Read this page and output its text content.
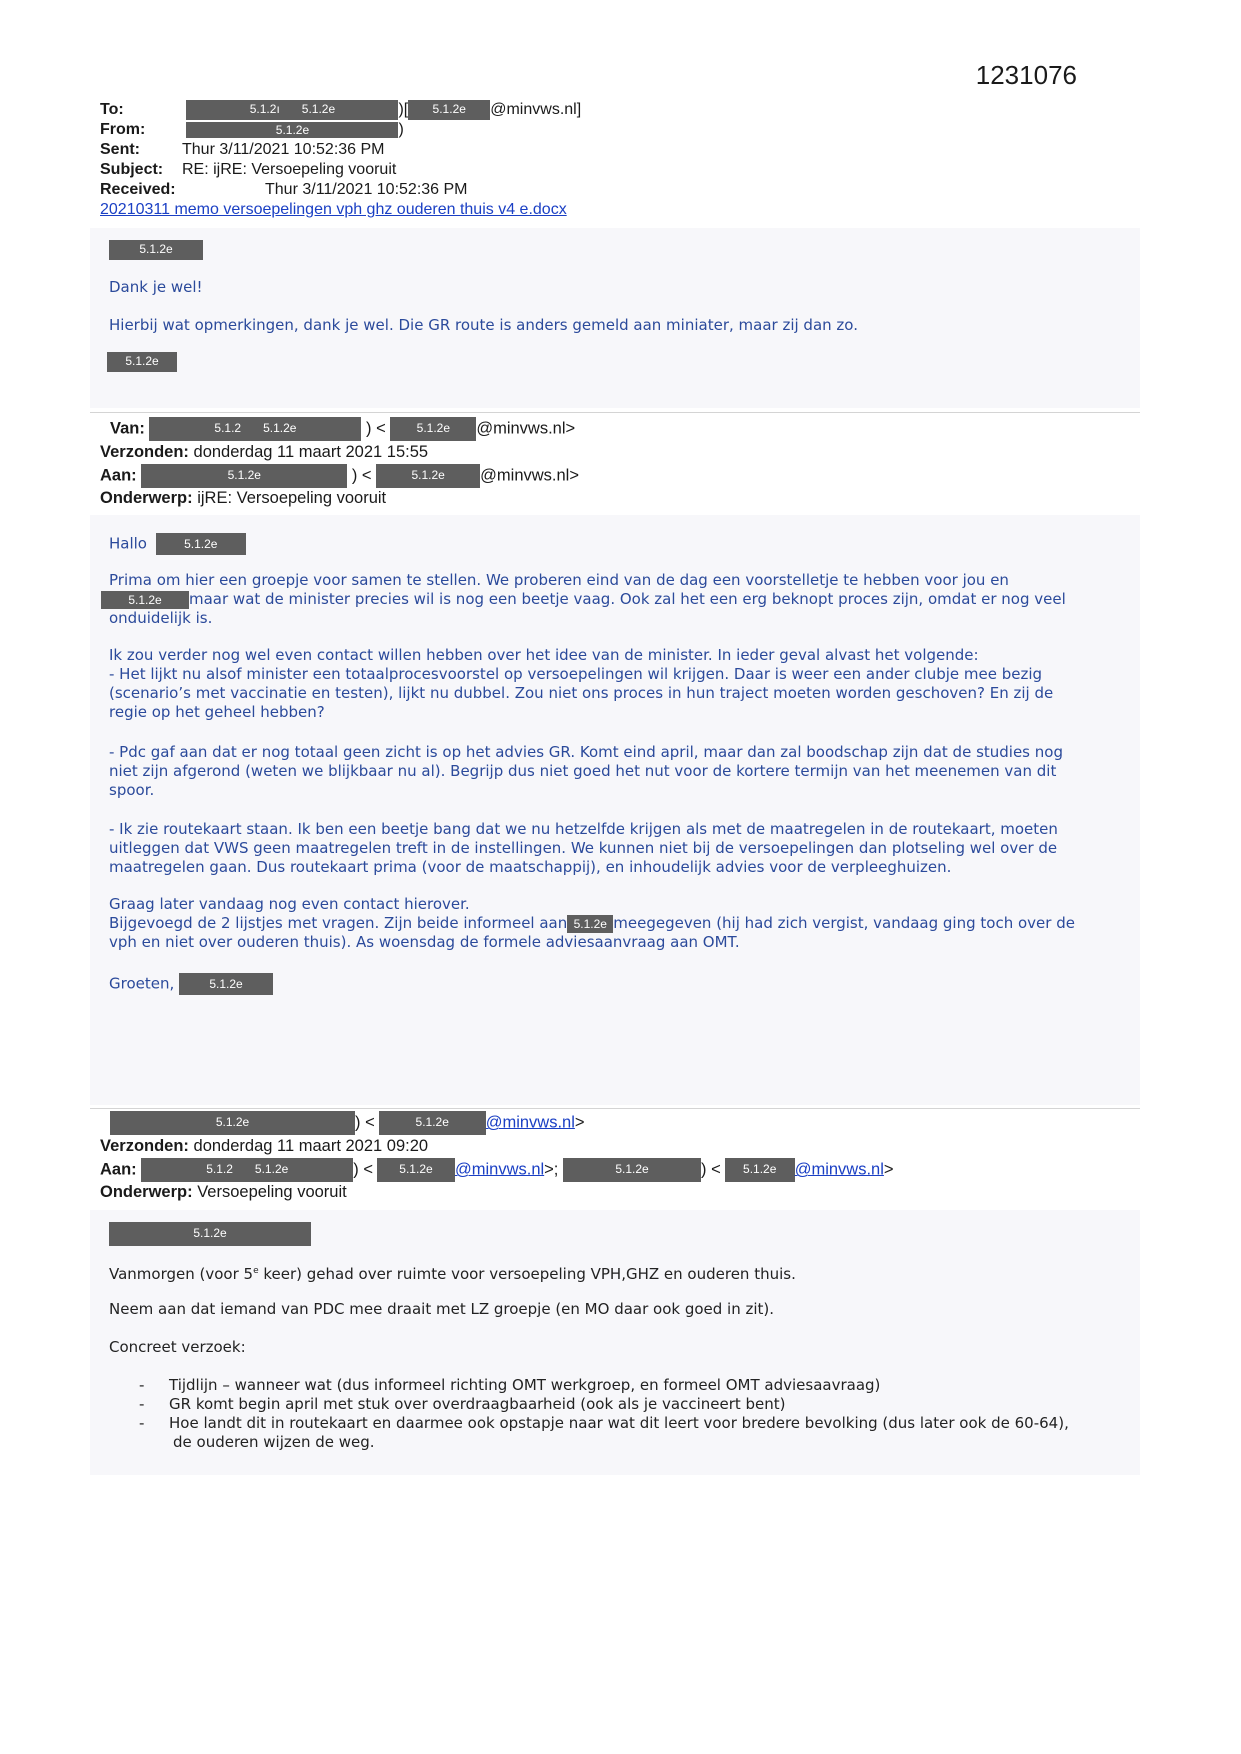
1231076
To:	5.1.2ı 5.1.2e	)[ 5.1.2e @minvws.nl]
From:	5.1.2e	)
Sent:	Thur 3/11/2021 10:52:36 PM
Subject: RE: ijRE: Versoepeling vooruit
Received:	Thur 3/11/2021 10:52:36 PM
20210311 memo versoepelingen vph ghz ouderen thuis v4 e.docx
5.1.2e

Dank je wel!

Hierbij wat opmerkingen, dank je wel. Die GR route is anders gemeld aan miniater, maar zij dan zo.

5.1.2e
Van:	5.1.2 5.1.2e	) < 5.1.2e @minvws.nl>
Verzonden: donderdag 11 maart 2021 15:55
Aan:	5.1.2e	) <	5.1.2e @minvws.nl>
Onderwerp: ijRE: Versoepeling vooruit
Hallo	5.1.2e

Prima om hier een groepje voor samen te stellen. We proberen eind van de dag een voorstelletje te hebben voor jou en

5.1.2e maar wat de minister precies wil is nog een beetje vaag. Ook zal het een erg beknopt proces zijn, omdat er nog veel

onduidelijk is.

Ik zou verder nog wel even contact willen hebben over het idee van de minister. In ieder geval alvast het volgende:

- Het lijkt nu alsof minister een totaalprocesvoorstel op versoepelingen wil krijgen. Daar is weer een ander clubje mee bezig

(scenario’s met vaccinatie en testen), lijkt nu dubbel. Zou niet ons proces in hun traject moeten worden geschoven? En zij de

regie op het geheel hebben?

- Pdc gaf aan dat er nog totaal geen zicht is op het advies GR. Komt eind april, maar dan zal boodschap zijn dat de studies nog

niet zijn afgerond (weten we blijkbaar nu al). Begrijp dus niet goed het nut voor de kortere termijn van het meenemen van dit

spoor.

- Ik zie routekaart staan. Ik ben een beetje bang dat we nu hetzelfde krijgen als met de maatregelen in de routekaart, moeten

uitleggen dat VWS geen maatregelen treft in de instellingen. We kunnen niet bij de versoepelingen dan plotseling wel over de

maatregelen gaan. Dus routekaart prima (voor de maatschappij), en inhoudelijk advies voor de verpleeghuizen.

Graag later vandaag nog even contact hierover.

Bijgevoegd de 2 lijstjes met vragen. Zijn beide informeel aan 5.1.2e meegegeven (hij had zich vergist, vandaag ging toch over de

vph en niet over ouderen thuis). As woensdag de formele adviesaanvraag aan OMT.

Groeten,	5.1.2e
5.1.2e	) <	5.1.2e @minvws.nl>
Verzonden: donderdag 11 maart 2021 09:20
Aan:	5.1.2 5.1.2e	) < 5.1.2e @minvws.nl>;	5.1.2e	) < 5.1.2e @minvws.nl>
Onderwerp: Versoepeling vooruit
5.1.2e

Vanmorgen (voor 5e keer) gehad over ruimte voor versoepeling VPH,GHZ en ouderen thuis.

Neem aan dat iemand van PDC mee draait met LZ groepje (en MO daar ook goed in zit).

Concreet verzoek:

- Tijdlijn – wanneer wat (dus informeel richting OMT werkgroep, en formeel OMT adviesaavraag)
- GR komt begin april met stuk over overdraagbaarheid (ook als je vaccineert bent)
- Hoe landt dit in routekaart en daarmee ook opstapje naar wat dit leert voor bredere bevolking (dus later ook de 60-64),
de ouderen wijzen de weg.
